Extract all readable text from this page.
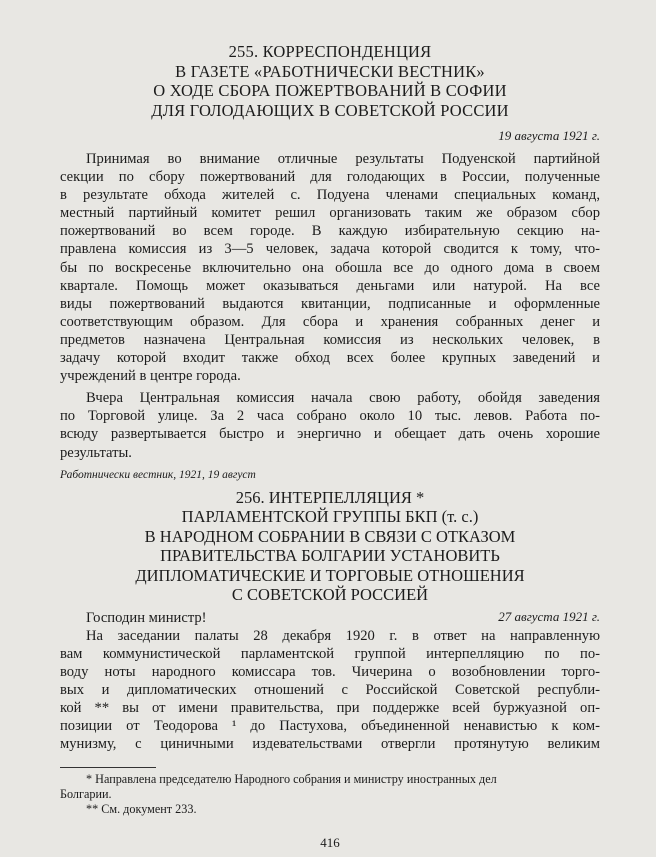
255. КОРРЕСПОНДЕНЦИЯ
В ГАЗЕТЕ «РАБОТНИЧЕСКИ ВЕСТНИК»
О ХОДЕ СБОРА ПОЖЕРТВОВАНИЙ В СОФИИ
ДЛЯ ГОЛОДАЮЩИХ В СОВЕТСКОЙ РОССИИ
19 августа 1921 г.
Принимая во внимание отличные результаты Подуенской партийной
секции по сбору пожертвований для голодающих в России, полученные
в результате обхода жителей с. Подуена членами специальных команд,
местный партийный комитет решил организовать таким же образом сбор
пожертвований во всем городе. В каждую избирательную секцию на-
правлена комиссия из 3—5 человек, задача которой сводится к тому, что-
бы по воскресенье включительно она обошла все до одного дома в своем
квартале. Помощь может оказываться деньгами или натурой. На все
виды пожертвований выдаются квитанции, подписанные и оформленные
соответствующим образом. Для сбора и хранения собранных денег и
предметов назначена Центральная комиссия из нескольких человек, в
задачу которой входит также обход всех более крупных заведений и
учреждений в центре города.
Вчера Центральная комиссия начала свою работу, обойдя заведения
по Торговой улице. За 2 часа собрано около 10 тыс. левов. Работа по-
всюду развертывается быстро и энергично и обещает дать очень хорошие
результаты.
Работнически вестник, 1921, 19 август
256. ИНТЕРПЕЛЛЯЦИЯ *
ПАРЛАМЕНТСКОЙ ГРУППЫ БКП (т. с.)
В НАРОДНОМ СОБРАНИИ В СВЯЗИ С ОТКАЗОМ
ПРАВИТЕЛЬСТВА БОЛГАРИИ УСТАНОВИТЬ
ДИПЛОМАТИЧЕСКИЕ И ТОРГОВЫЕ ОТНОШЕНИЯ
С СОВЕТСКОЙ РОССИЕЙ
27 августа 1921 г.
Господин министр!
На заседании палаты 28 декабря 1920 г. в ответ на направленную
вам коммунистической парламентской группой интерпелляцию по по-
воду ноты народного комиссара тов. Чичерина о возобновлении торго-
вых и дипломатических отношений с Российской Советской республи-
кой ** вы от имени правительства, при поддержке всей буржуазной оп-
позиции от Теодорова ¹ до Пастухова, объединенной ненавистью к ком-
мунизму, с циничными издевательствами отвергли протянутую великим
* Направлена председателю Народного собрания и министру иностранных дел
Болгарии.
** См. документ 233.
416
